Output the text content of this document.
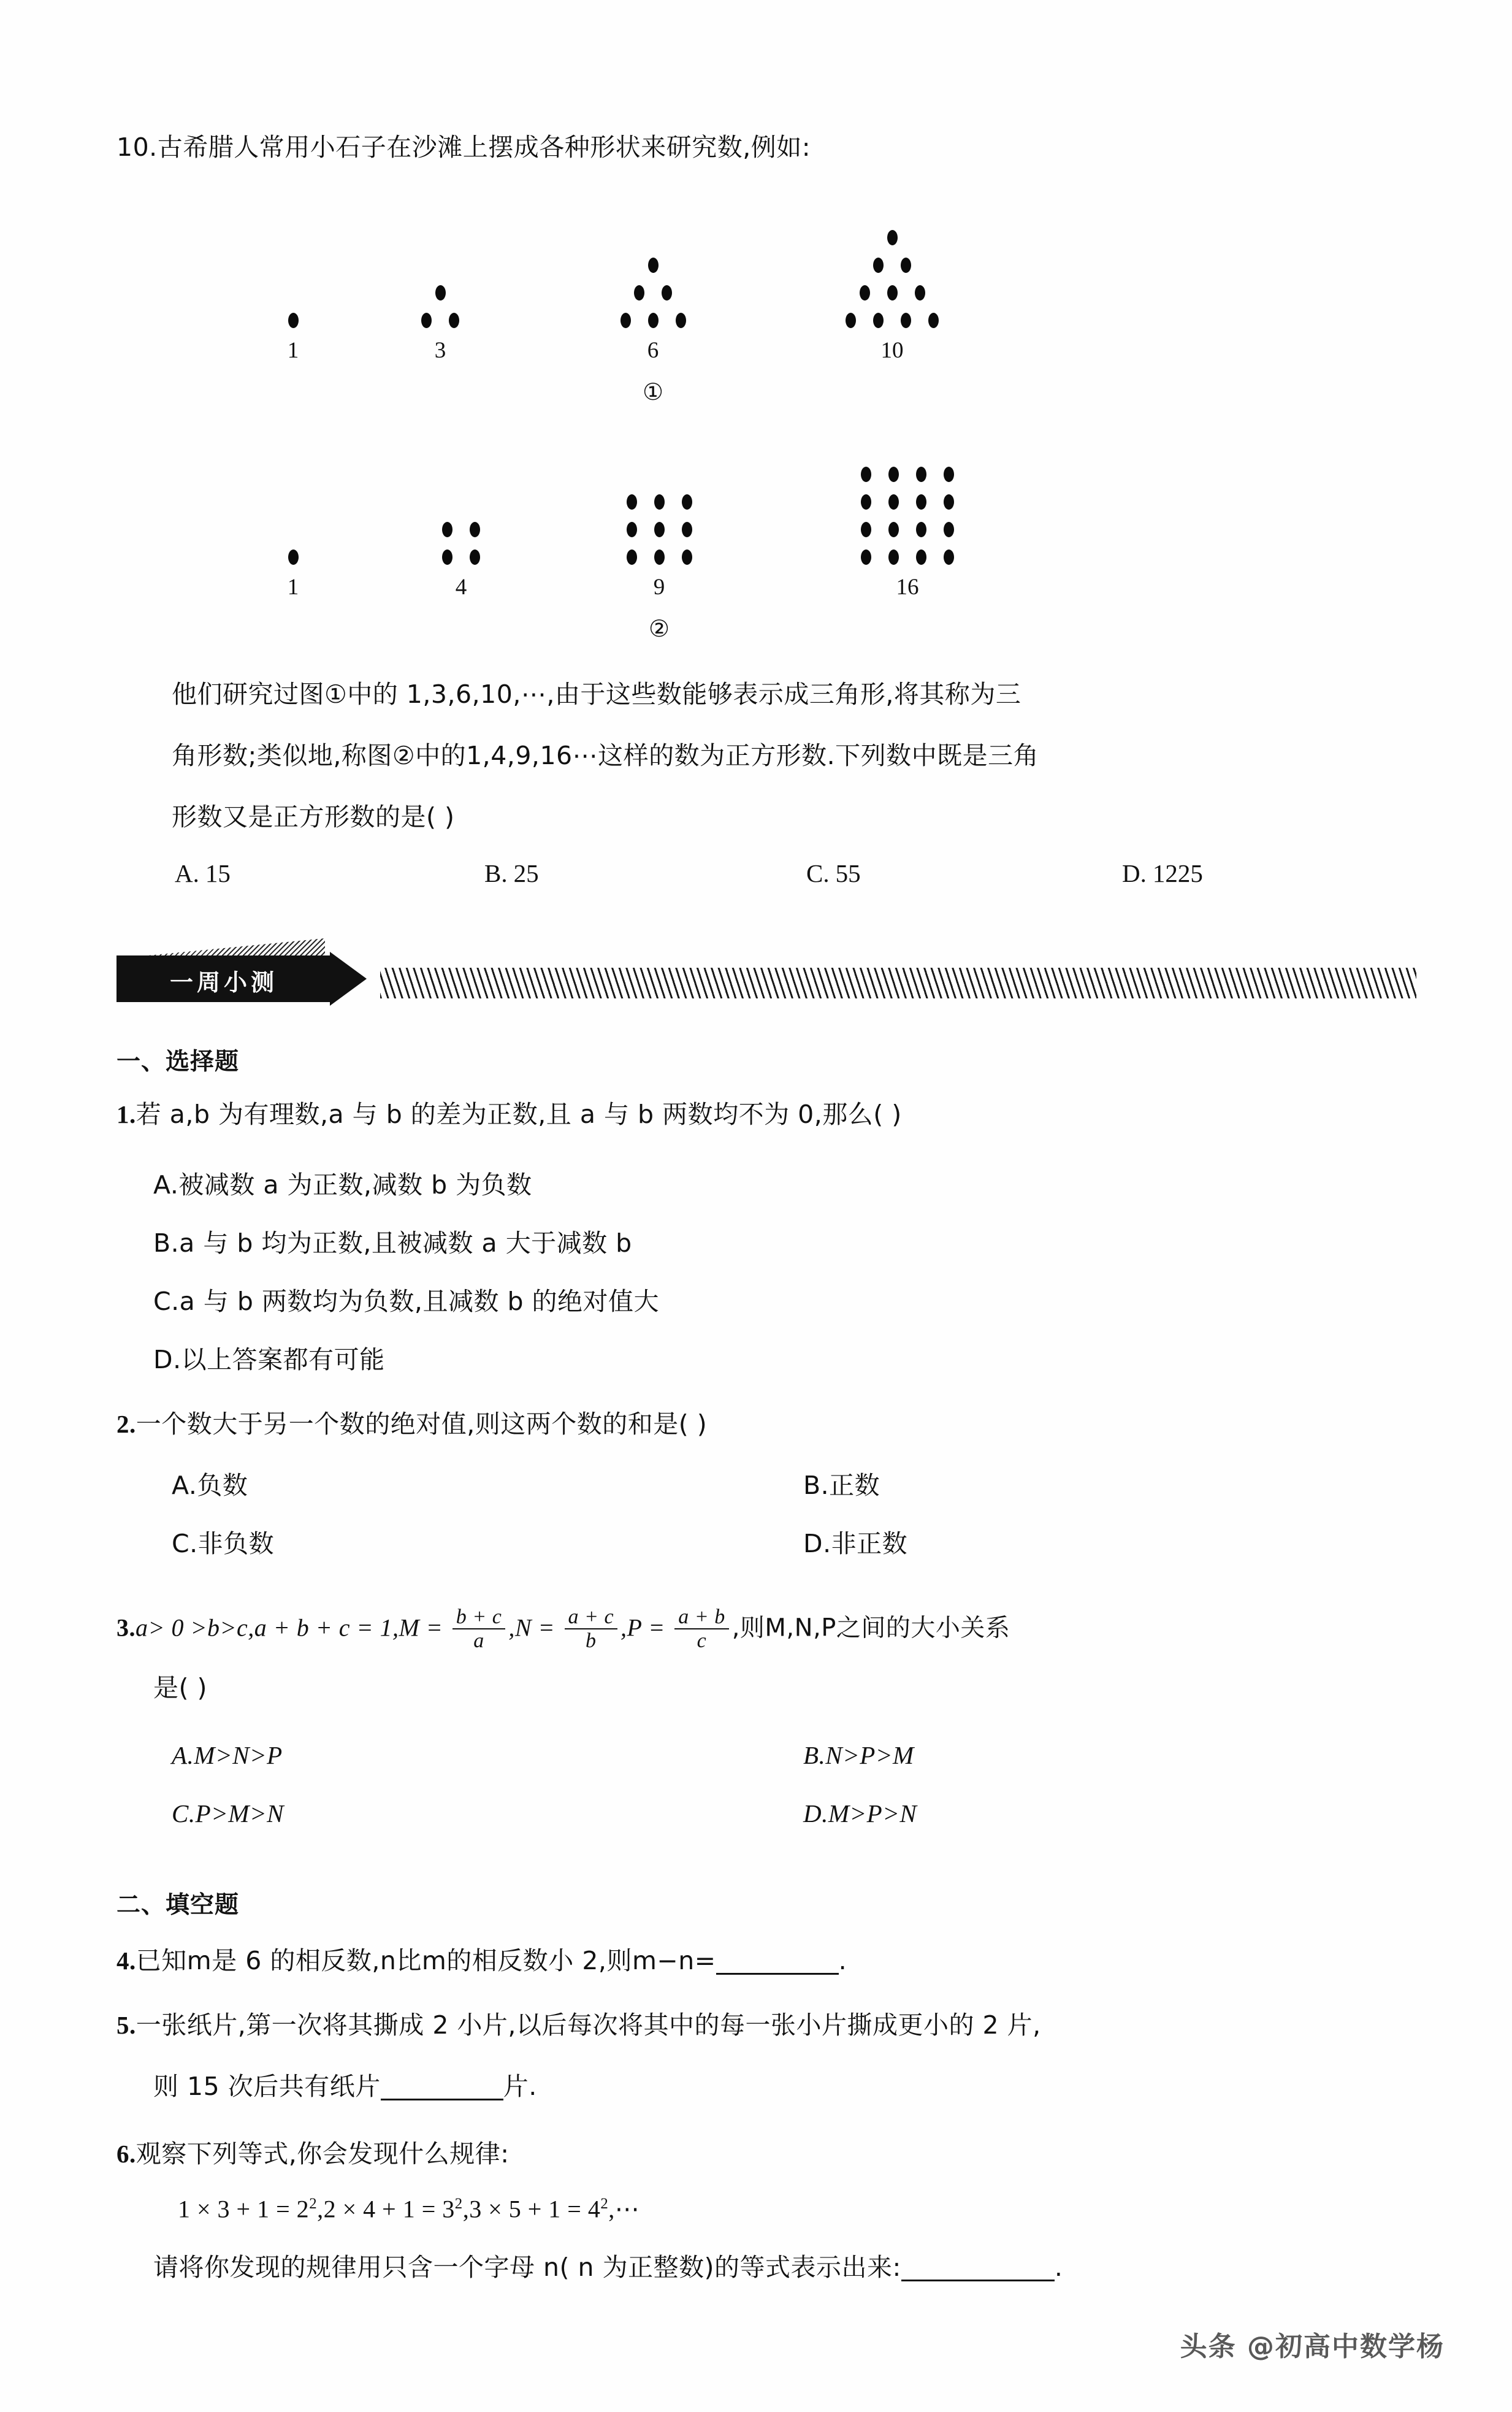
10.古希腊人常用小石子在沙滩上摆成各种形状来研究数,例如:
1	3	6	10
①
1	4	9	16
②
他们研究过图①中的 1,3,6,10,⋯,由于这些数能够表示成三角形,将其称为三
角形数;类似地,称图②中的1,4,9,16⋯这样的数为正方形数.下列数中既是三角
形数又是正方形数的是( )
A. 15	B. 25	C. 55	D. 1225
一周小测
一、选择题
1.若 a,b 为有理数,a 与 b 的差为正数,且 a 与 b 两数均不为 0,那么( )
A.被减数 a 为正数,减数 b 为负数
B.a 与 b 均为正数,且被减数 a 大于减数 b
C.a 与 b 两数均为负数,且减数 b 的绝对值大
D.以上答案都有可能
2.一个数大于另一个数的绝对值,则这两个数的和是( )
A.负数	B.正数
C.非负数	D.非正数
$3.a> 0 >b>c,a + b + c = 1,M = \frac{b + c}{a} ,N = \frac{a + c}{b} ,P = \frac{a + b}{c}$ ,则M,N,P之间的大小关系
是( )
A.M>N>P	B.N>P>M
C.P>M>N	D.M>P>N
二、填空题
4.已知m是 6 的相反数,n比m的相反数小 2,则m−n=	.
5.一张纸片,第一次将其撕成 2 小片,以后每次将其中的每一张小片撕成更小的 2 片,
则 15 次后共有纸片	片.
6.观察下列等式,你会发现什么规律:
$1 \times 3 + 1 = 2^2,2 \times 4 + 1 = 3^2,3 \times 5 + 1$ = $4^2,\cdots$
请将你发现的规律用只含一个字母 n( n 为正整数)的等式表示出来:	.
头条 @初高中数学杨
